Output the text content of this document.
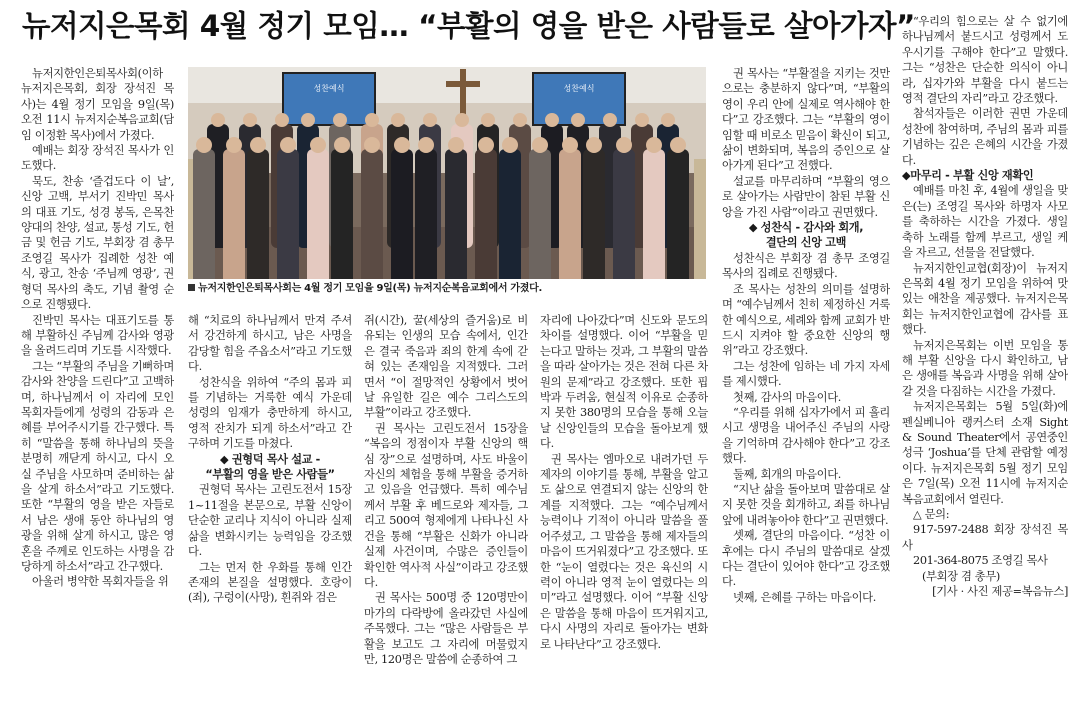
뉴저지은목회 4월 정기 모임… “부활의 영을 받은 사람들로 살아가자”

뉴저지한인은퇴목사회(이하 뉴저지은목회, 회장 장석진 목사)는 4월 정기 모임을 9일(목) 오전 11시 뉴저지순복음교회(담임 이정환 목사)에서 가졌다.

예배는 회장 장석진 목사가 인도했다.

묵도, 찬송 ‘즐겁도다 이 날’, 신앙 고백, 부서기 진박민 목사의 대표 기도, 성경 봉독, 은목찬양대의 찬양, 설교, 통성 기도, 헌금 및 헌금 기도, 부회장 겸 총무 조영길 목사가 집례한 성찬 예식, 광고, 찬송 ‘주님께 영광’, 권형덕 목사의 축도, 기념 촬영 순으로 진행됐다.

진박민 목사는 대표기도를 통해 부활하신 주님께 감사와 영광을 올려드리며 기도를 시작했다.

그는 “부활의 주님을 기뻐하며 감사와 찬양을 드린다”고 고백하며, 하나님께서 이 자리에 모인 목회자들에게 성령의 감동과 은혜를 부어주시기를 간구했다. 특히 “말씀을 통해 하나님의 뜻을 분명히 깨닫게 하시고, 다시 오실 주님을 사모하며 준비하는 삶을 살게 하소서”라고 기도했다. 또한 “부활의 영을 받은 자들로서 남은 생애 동안 하나님의 영광을 위해 살게 하시고, 많은 영혼을 주께로 인도하는 사명을 감당하게 하소서”라고 간구했다.

아울러 병약한 목회자들을 위

성찬예식	성찬예식
뉴저지한인은퇴목사회는 4월 정기 모임을 9일(목) 뉴저지순복음교회에서 가졌다.

해 “치료의 하나님께서 만져 주셔서 강건하게 하시고, 남은 사명을 감당할 힘을 주옵소서”라고 기도했다.

성찬식을 위하여 “주의 몸과 피를 기념하는 거룩한 예식 가운데 성령의 임재가 충만하게 하시고, 영적 잔치가 되게 하소서”라고 간구하며 기도를 마쳤다.

◆ 권형덕 목사 설교 -

“부활의 영을 받은 사람들”

권형덕 목사는 고린도전서 15장 1~11절을 본문으로, 부활 신앙이 단순한 교리나 지식이 아니라 실제 삶을 변화시키는 능력임을 강조했다.

그는 먼저 한 우화를 통해 인간 존재의 본질을 설명했다. 호랑이(죄), 구렁이(사망), 흰쥐와 검은

쥐(시간), 꿀(세상의 즐거움)로 비유되는 인생의 모습 속에서, 인간은 결국 죽음과 죄의 한계 속에 갇혀 있는 존재임을 지적했다. 그러면서 “이 절망적인 상황에서 벗어날 유일한 길은 예수 그리스도의 부활”이라고 강조했다.

권 목사는 고린도전서 15장을 “복음의 정점이자 부활 신앙의 핵심 장”으로 설명하며, 사도 바울이 자신의 체험을 통해 부활을 증거하고 있음을 언급했다. 특히 예수님께서 부활 후 베드로와 제자들, 그리고 500여 형제에게 나타나신 사건을 통해 “부활은 신화가 아니라 실제 사건이며, 수많은 증인들이 확인한 역사적 사실”이라고 강조했다.

권 목사는 500명 중 120명만이 마가의 다락방에 올라갔던 사실에 주목했다. 그는 “많은 사람들은 부활을 보고도 그 자리에 머물렀지만, 120명은 말씀에 순종하여 그

자리에 나아갔다”며 신도와 문도의 차이를 설명했다. 이어 “부활을 믿는다고 말하는 것과, 그 부활의 말씀을 따라 살아가는 것은 전혀 다른 차원의 문제”라고 강조했다. 또한 핍박과 두려움, 현실적 이유로 순종하지 못한 380명의 모습을 통해 오늘날 신앙인들의 모습을 돌아보게 했다.

권 목사는 엠마오로 내려가던 두 제자의 이야기를 통해, 부활을 알고도 삶으로 연결되지 않는 신앙의 한계를 지적했다. 그는 “예수님께서 능력이나 기적이 아니라 말씀을 풀어주셨고, 그 말씀을 통해 제자들의 마음이 뜨거워졌다”고 강조했다. 또한 “눈이 열렸다는 것은 육신의 시력이 아니라 영적 눈이 열렸다는 의미”라고 설명했다. 이어 “부활 신앙은 말씀을 통해 마음이 뜨거워지고, 다시 사명의 자리로 돌아가는 변화로 나타난다”고 강조했다.

권 목사는 “부활절을 지키는 것만으로는 충분하지 않다”며, “부활의 영이 우리 안에 실제로 역사해야 한다”고 강조했다. 그는 “부활의 영이 임할 때 비로소 믿음이 확신이 되고, 삶이 변화되며, 복음의 증인으로 살아가게 된다”고 전했다.

설교를 마무리하며 “부활의 영으로 살아가는 사람만이 참된 부활 신앙을 가진 사람”이라고 권면했다.

◆ 성찬식 - 감사와 회개,

결단의 신앙 고백

성찬식은 부회장 겸 총무 조영길 목사의 집례로 진행됐다.

조 목사는 성찬의 의미를 설명하며 “예수님께서 친히 제정하신 거룩한 예식으로, 세례와 함께 교회가 반드시 지켜야 할 중요한 신앙의 행위”라고 강조했다.

그는 성찬에 임하는 네 가지 자세를 제시했다.

첫째, 감사의 마음이다.

“우리를 위해 십자가에서 피 흘리시고 생명을 내어주신 주님의 사랑을 기억하며 감사해야 한다”고 강조했다.

둘째, 회개의 마음이다.

“지난 삶을 돌아보며 말씀대로 살지 못한 것을 회개하고, 죄를 하나님 앞에 내려놓아야 한다”고 권면했다.

셋째, 결단의 마음이다. “성찬 이후에는 다시 주님의 말씀대로 살겠다는 결단이 있어야 한다”고 강조했다.

넷째, 은혜를 구하는 마음이다.

“우리의 힘으로는 살 수 없기에 하나님께서 붙드시고 성령께서 도우시기를 구해야 한다”고 말했다. 그는 “성찬은 단순한 의식이 아니라, 십자가와 부활을 다시 붙드는 영적 결단의 자리”라고 강조했다.

참석자들은 이러한 권면 가운데 성찬에 참여하며, 주님의 몸과 피를 기념하는 깊은 은혜의 시간을 가졌다.

◆마무리 - 부활 신앙 재확인

예배를 마친 후, 4월에 생일을 맞은(는) 조영길 목사와 하명자 사모를 축하하는 시간을 가졌다. 생일 축하 노래를 함께 부르고, 생일 케 을 자르고, 선물을 전달했다.

뉴저지한인교협(회장)이 뉴저지은목회 4월 정기 모임을 위하여 맛있는 애찬을 제공했다. 뉴저지은목회는 뉴저지한인교협에 감사를 표했다.

뉴저지은목회는 이번 모임을 통해 부활 신앙을 다시 확인하고, 남은 생애를 복음과 사명을 위해 살아갈 것을 다짐하는 시간을 가졌다.

뉴저지은목회는 5월 5일(화)에 펜실베니아 랭커스터 소재 Sight & Sound Theater에서 공연중인 성극 ‘Joshua’를 단체 관람할 예정이다. 뉴저지은목회 5월 정기 모임은 7일(목) 오전 11시에 뉴저지순복음교회에서 열린다.

△ 문의:

917-597-2488 회장 장석진 목사

201-364-8075 조영길 목사

(부회장 겸 총무)

[기사 · 사진 제공=복음뉴스]
